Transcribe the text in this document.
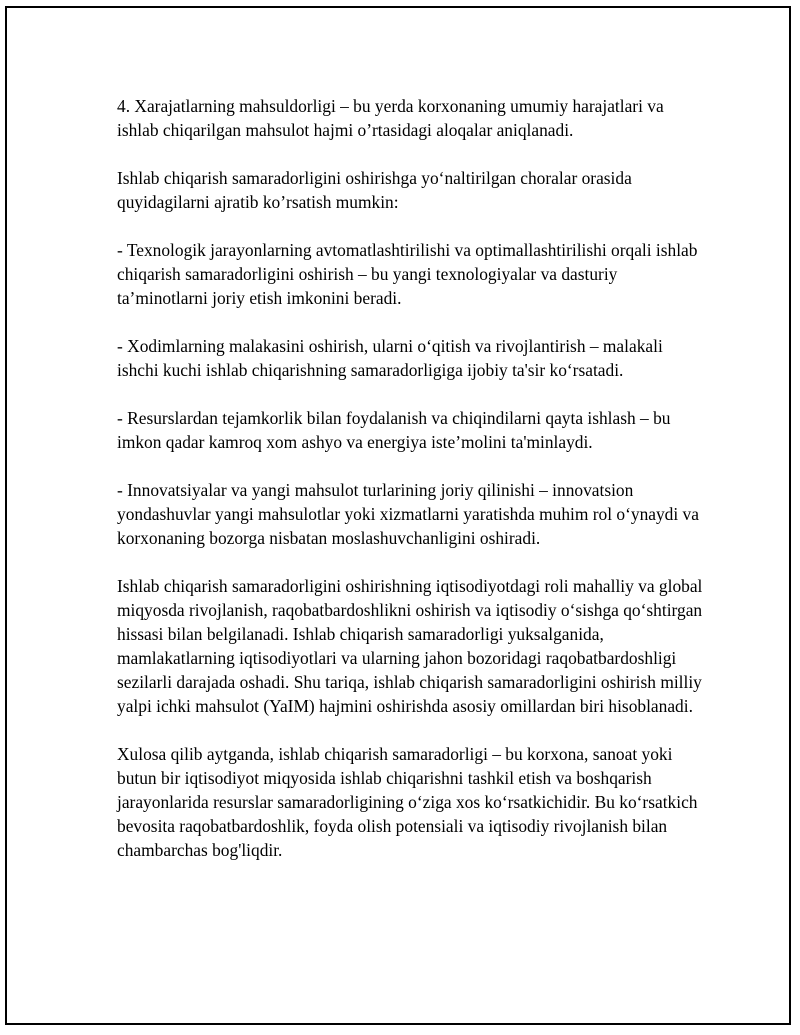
4. Xarajatlarning mahsuldorligi – bu yerda korxonaning umumiy harajatlari va ishlab chiqarilgan mahsulot hajmi o’rtasidagi aloqalar aniqlanadi.

Ishlab chiqarish samaradorligini oshirishga yo‘naltirilgan choralar orasida quyidagilarni ajratib ko’rsatish mumkin:

- Texnologik jarayonlarning avtomatlashtirilishi va optimallashtirilishi orqali ishlab chiqarish samaradorligini oshirish – bu yangi texnologiyalar va dasturiy ta’minotlarni joriy etish imkonini beradi.

- Xodimlarning malakasini oshirish, ularni o‘qitish va rivojlantirish – malakali ishchi kuchi ishlab chiqarishning samaradorligiga ijobiy ta'sir ko‘rsatadi.

- Resurslardan tejamkorlik bilan foydalanish va chiqindilarni qayta ishlash – bu imkon qadar kamroq xom ashyo va energiya iste’molini ta'minlaydi.

- Innovatsiyalar va yangi mahsulot turlarining joriy qilinishi – innovatsion yondashuvlar yangi mahsulotlar yoki xizmatlarni yaratishda muhim rol o‘ynaydi va korxonaning bozorga nisbatan moslashuvchanligini oshiradi.

Ishlab chiqarish samaradorligini oshirishning iqtisodiyotdagi roli mahalliy va global miqyosda rivojlanish, raqobatbardoshlikni oshirish va iqtisodiy o‘sishga qo‘shtirgan hissasi bilan belgilanadi. Ishlab chiqarish samaradorligi yuksalganida, mamlakatlarning iqtisodiyotlari va ularning jahon bozoridagi raqobatbardoshligi sezilarli darajada oshadi. Shu tariqa, ishlab chiqarish samaradorligini oshirish milliy yalpi ichki mahsulot (YaIM) hajmini oshirishda asosiy omillardan biri hisoblanadi.

Xulosa qilib aytganda, ishlab chiqarish samaradorligi – bu korxona, sanoat yoki butun bir iqtisodiyot miqyosida ishlab chiqarishni tashkil etish va boshqarish jarayonlarida resurslar samaradorligining o‘ziga xos ko‘rsatkichidir. Bu ko‘rsatkich bevosita raqobatbardoshlik, foyda olish potensiali va iqtisodiy rivojlanish bilan chambarchas bog'liqdir.
